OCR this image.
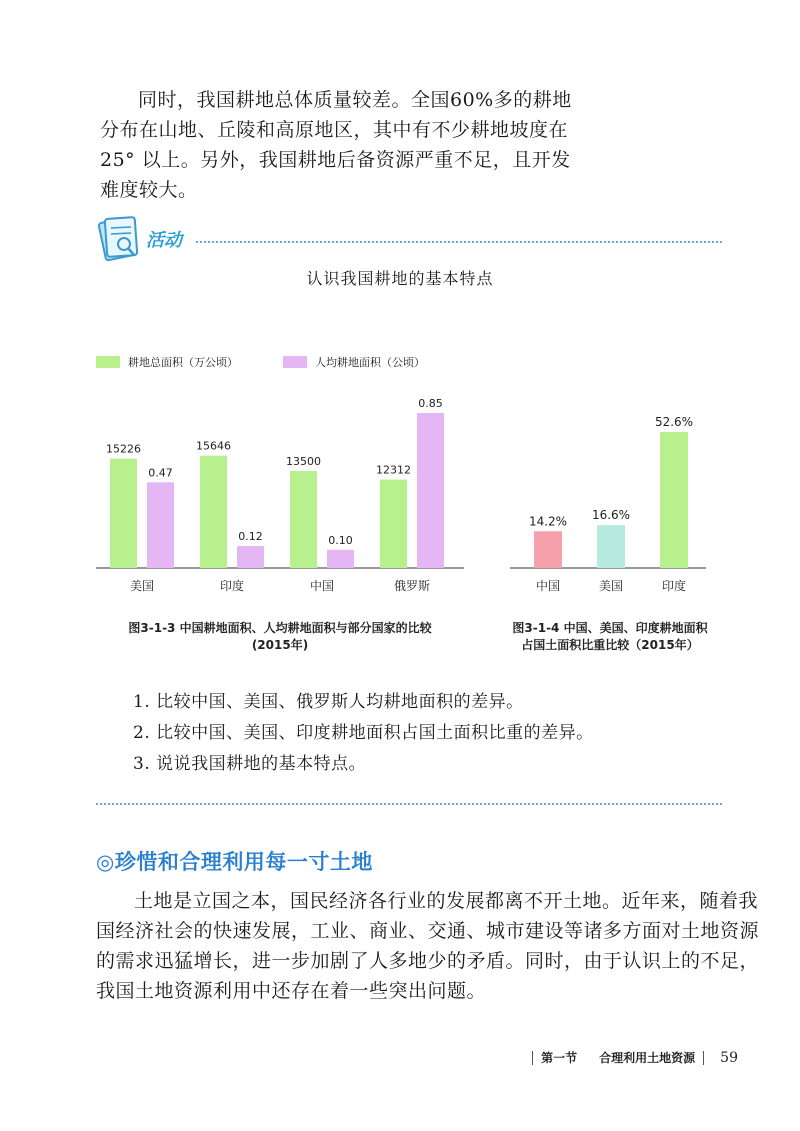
同时，我国耕地总体质量较差。全国60%多的耕地
分布在山地、丘陵和高原地区，其中有不少耕地坡度在
25° 以上。另外，我国耕地后备资源严重不足，且开发
难度较大。
活动
认识我国耕地的基本特点
耕地总面积（万公顷）	人均耕地面积（公顷）
15226
0.47
美国
15646
0.12
印度
13500
0.10
中国
12312
0.85
俄罗斯
14.2%
中国
16.6%
美国
52.6%
印度
图3-1-3 中国耕地面积、人均耕地面积与部分国家的比较
(2015年)
图3-1-4 中国、美国、印度耕地面积
占国土面积比重比较（2015年）
1. 比较中国、美国、俄罗斯人均耕地面积的差异。
2. 比较中国、美国、印度耕地面积占国土面积比重的差异。
3. 说说我国耕地的基本特点。
◎珍惜和合理利用每一寸土地
土地是立国之本，国民经济各行业的发展都离不开土地。近年来，随着我
国经济社会的快速发展，工业、商业、交通、城市建设等诸多方面对土地资源
的需求迅猛增长，进一步加剧了人多地少的矛盾。同时，由于认识上的不足，
我国土地资源利用中还存在着一些突出问题。
第一节 合理利用土地资源 59
